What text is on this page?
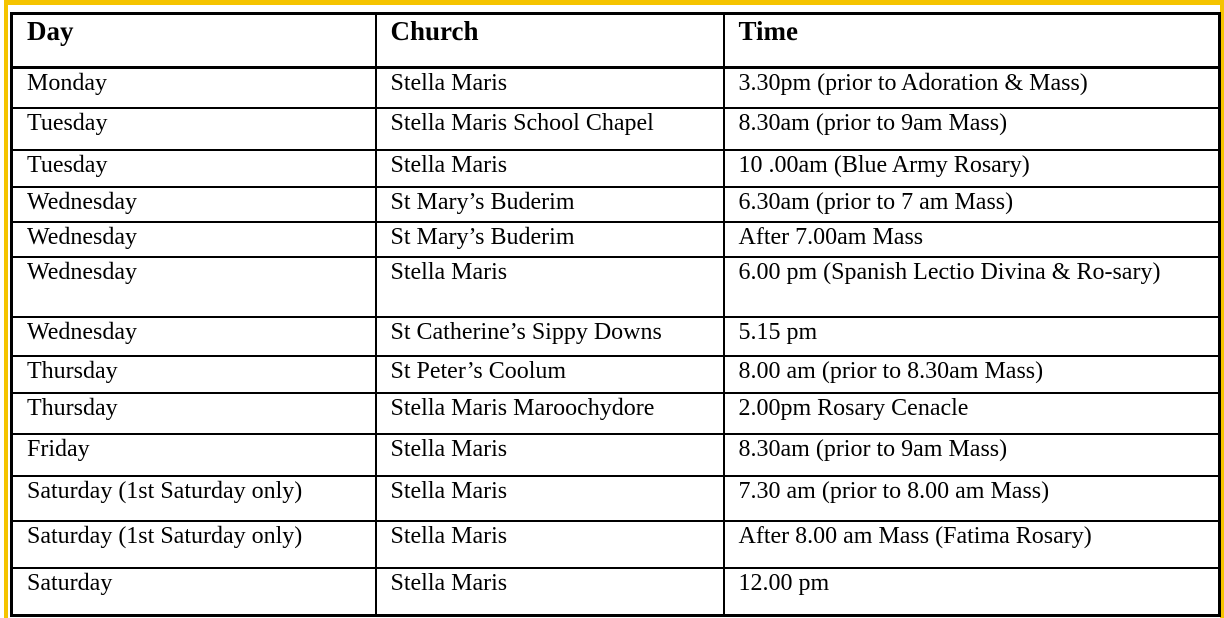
Day	Church	Time
Monday	Stella Maris	3.30pm (prior to Adoration & Mass)
Tuesday	Stella Maris School Chapel	8.30am (prior to 9am Mass)
Tuesday	Stella Maris	10 .00am (Blue Army Rosary)
Wednesday	St Mary’s Buderim	6.30am (prior to 7 am Mass)
Wednesday	St Mary’s Buderim	After 7.00am Mass
Wednesday	Stella Maris	6.00 pm (Spanish Lectio Divina & Ro-sary)
Wednesday	St Catherine’s Sippy Downs	5.15 pm
Thursday	St Peter’s Coolum	8.00 am (prior to 8.30am Mass)
Thursday	Stella Maris Maroochydore	2.00pm Rosary Cenacle
Friday	Stella Maris	8.30am (prior to 9am Mass)
Saturday (1st Saturday only)	Stella Maris	7.30 am (prior to 8.00 am Mass)
Saturday (1st Saturday only)	Stella Maris	After 8.00 am Mass (Fatima Rosary)
Saturday	Stella Maris	12.00 pm
